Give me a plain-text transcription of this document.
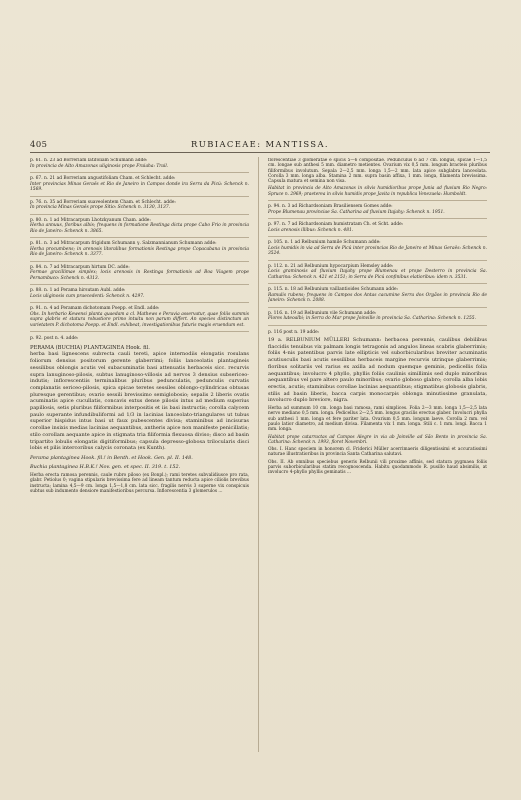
405	RUBIACEAE: MANTISSA.
p. 61. n. 23 ad Borreriam latifoliam Schumann adde:
In provincia de Alto Amazonas uliginosis prope Fraiaha: Trail.
p. 67. n. 21 ad Borreriam angustifoliam Cham. et Schlecht. adde:
Inter provincias Minas Geraës et Rio de Janeiro in Campos donde ira Serra da Picú: Schenck n. 1569.
p. 76. n. 35 ad Borreriam suaveolentem Cham. et Schlecht. adde:
In provincia Minas Geraës prope Sitio: Schenck n. 3130, 3137.
p. 80. n. 1 ad Mitracarpum Lhotzkyanum Cham. adde:
Herba annuus, floribus albis; frequens in formatione Restinga dicta prope Cabo Frio in provincia Rio de Janeiro: Schenck n. 3865.
p. 81. n. 3 ad Mitracarpum frigidum Schumann γ. Salzmannianum Schumann adde:
Herba procumbens; in arenosis litoralibus formationis Restinga prope Copacabana in provincia Rio de Janeiro: Schenck n. 3377.
p. 84. n. 7 ad Mitracarpum hirtum DC. adde:
Formae gracillimae simplex; locis arenosis in Restinga formationis ad Boa Viagem prope Pernambuco: Schenck n. 4313.
p. 88. n. 1 ad Perama hirsutam Aubl. adde:
Locis uliginosis cum praecedenti: Schenck n. 4297.
p. 91. n. 4 ad Peramam dichotomam Poepp. et Endl. adde:
Obs. In herbario Kewensi planta quaedam a cl. Mathews e Peruvia asservatur, quae foliis summis supra glabris et statura robustiore primo intuitu non parum differt. An species distinctum an varietatem P. dichotoma Poepp. et Endl. exhibeat, investigationibus futuris magis eruendum est.

p. 92. post n. 4. adde:

PERAMA (BUCHIA) PLANTAGINEA Hook. fil.

herba basi lignescens subrecta cauli tereti, apice internodiis elongatis rosulans foliorum densius positorum gerente glaberrimi; foliis lanceolatis plantagineis sessilibus oblongis acutis vel subacuminatis basi attenuatis herbaceis sicc. recurvis supra lanuginoso-pilosis, subtus lanuginoso-villosis ad nervos 3 densius subsericeo-indutis; inflorescentiis terminalibus pluribus pedunculatis, pedunculis curvatis complanatis sericeo-pilosis, spica spicae teretes sessiles oblongo-cylindricas obtusas pluresque gerentibus; ovario sessili brevissimo semiglobosio; sepalis 2 liberis ovatis acuminatis apice cucullatis, concavis extus dense pilosis intus ad medium superius papillosis, setis pluribus filiformibus interpositis et iis basi instructis; corolla calycem paulo superante infundibuliformi ad 1/3 in lacinias lanceolato-triangulares ut tubus superior hispidus intus basi ut faux pubescentes divisa; staminibus ad incisuras corollae insixis medias lacinias aequantibus, antheris apice non manifeste penicillatis; stilo corollam aequante apice in stigmata tria filiformia flexuosa diviso; disco ad basin tripartito lobulis elongatis digitiformibus; capsula depresso-globosa trilocularis disci lobis et pilis intercoribus calycis coronata (ex Kunth).

Perama plantaginea Hook. fil.! in Benth. et Hook. Gen. pl. II. 148.

Buchia plantaginea H.B.K.! Nov. gen. et spec. II. 319. t. 152.

Herba erecta ramosa perennis, caule rubro piloso (ex Bonpl.); rami teretes subvalidiusce pro rata, glabr. Petiolus 0; vagina stipularis brevissima fere ad lineam tantum reducta apice ciliolis brevibus instructa; lamina 4,5—9 cm. longa 1,5—1,8 cm. lata sicc. fragilis nervis 3 superne vix conspicuis subtus sub indumento densiore manifestioribus percursa. Inflorescentia 3 glomerulos ...

florescentiae 3 glomeratae e spicis 5—6 compositae. Pedunculus 6 ad 7 cm. longus, spicae 1—1,5 cm. longae sub anthesi 5 mm. diametro metientes. Ovarium vix 0,5 mm. longum bracteis pluribus filiformibus involutum. Sepala 2—2,5 mm. longa 1,5—2 mm. lata apice subglabra lanceolata. Corolla 3 mm. longa alba. Stamina 2 mm. supra basin affixa, 1 mm. longa, filamenta brevissima. Capsula matura et semina non visa.

Habitat in provincia de Alto Amazonas in silvis humidioribus prope Junia ad fluvium Rio Negro: Spruce n. 2969; praeterea in silvis humidis prope Javita in republica Venezuela: Humboldt.

p. 94. n. 3 ad Richardsoniam Brasiliensem Gomes adde:
Prope Blumenau provinciae Sa. Catharina ad fluvium Itajahy: Schenck n. 1951.
p. 97. n. 7 ad Richardsoniam humistratam Ch. et Scht. adde:
Locis arenosis illibus: Schenck n. 481.
p. 105. n. 1 ad Relbunium hamile Schumann adde:
Locis humidis in via ad Serra de Picú inter provincias Rio de Janeiro et Minas Geraës: Schenck n. 3524.
p. 112. n. 21 ad Relbunium hypocarpium Hemsley adde:
Locis graminosis ad fluvium Itajahy prope Blumenau et prope Desterro in provincia Sa. Catharina: Schenck n. 421 et 2151; in Serra de Picú confinibus elatioribus: idem n. 3531.
p. 115. n. 18 ad Relbunium vaillantioides Schumann adde:
Ramulis rubens; frequens in Campos dos Antas cacumine Serra dos Orgãos in provincia Rio de Janeiro: Schenck n. 2088.
p. 116. n. 19 ad Relbunium vile Schumann adde:
Flores luteoalbi; in Serra do Mar prope Joinville in provincia Sa. Catharina: Schenck n. 1255.

p. 116 post n. 19 adde:

19 a. RELBUNIUM MÜLLERI Schumann: herbacea perennis, caulibus debilibus flaccidis tenuibus vix palmam longis tetragonis ad angulos lineas scabris glaberrimis; foliis 4-nis patentibus parvis late ellipticis vel suborbicularibus breviter acuminatis acutiusculis basi acutis sessilibus herbaceis margine recurvis utrinque glaberrimis; floribus solitariis vel rarius ex axilla ad nodum quemque geminis, pedicellis folia aequantibus; involucro 4 phyllo, phyllis foliis caulinis simillimis sed duplo minoribus aequantibus vel pare altero paulo minoribus; ovario globoso glabro; corolla alba lobis erectis, acutis; staminibus corollae lacinias aequantibus; stigmatibus globosis glabris, stilis ad basin liberis, bacca carpis monocarpis oblonga minutissime granulata, involucro duplo breviore, nigra.

Herba ad summum 10 cm. longa basi ramosa, rami simplices. Folia 2—3 mm. longa 1,5—2,5 lata nervo mediano 0,5 mm. longa. Pedicellus 2—2,5 mm. longus gracilis erectus glaber. Involucri phylla sub anthesi 1 mm. longa et fere pariter lata. Ovarium 0,5 mm. longum laeve. Corolla 2 mm. vel paulo latior diametro, ad medium divisa. Filamenta vix 1 mm. longa. Stili c. 1 mm. longi. Bacca 1 mm. longa.

Habitat prope catarractas ad Campos Alegre in via ab Joinville ad São Bento in provincia Sa. Catharina: Schenck n. 1993, floret Novembri.

Obs. I. Hanc speciem in honorem cl. Friderici Müller acerrimaeris diligentissimi et accuratissimi naturae illustratioribus in provincia Santa Catharina salutavi.

Obs. II. Ab omnibus speciebus generis Relbunii vili proxime affinis, sed statura pygmaea foliis parvis suborbicularibus statim recognoscenda. Habitu quodammodo R. pusillo haud absimilis, at involucro 4-phyllo phyllis geminatis ...
